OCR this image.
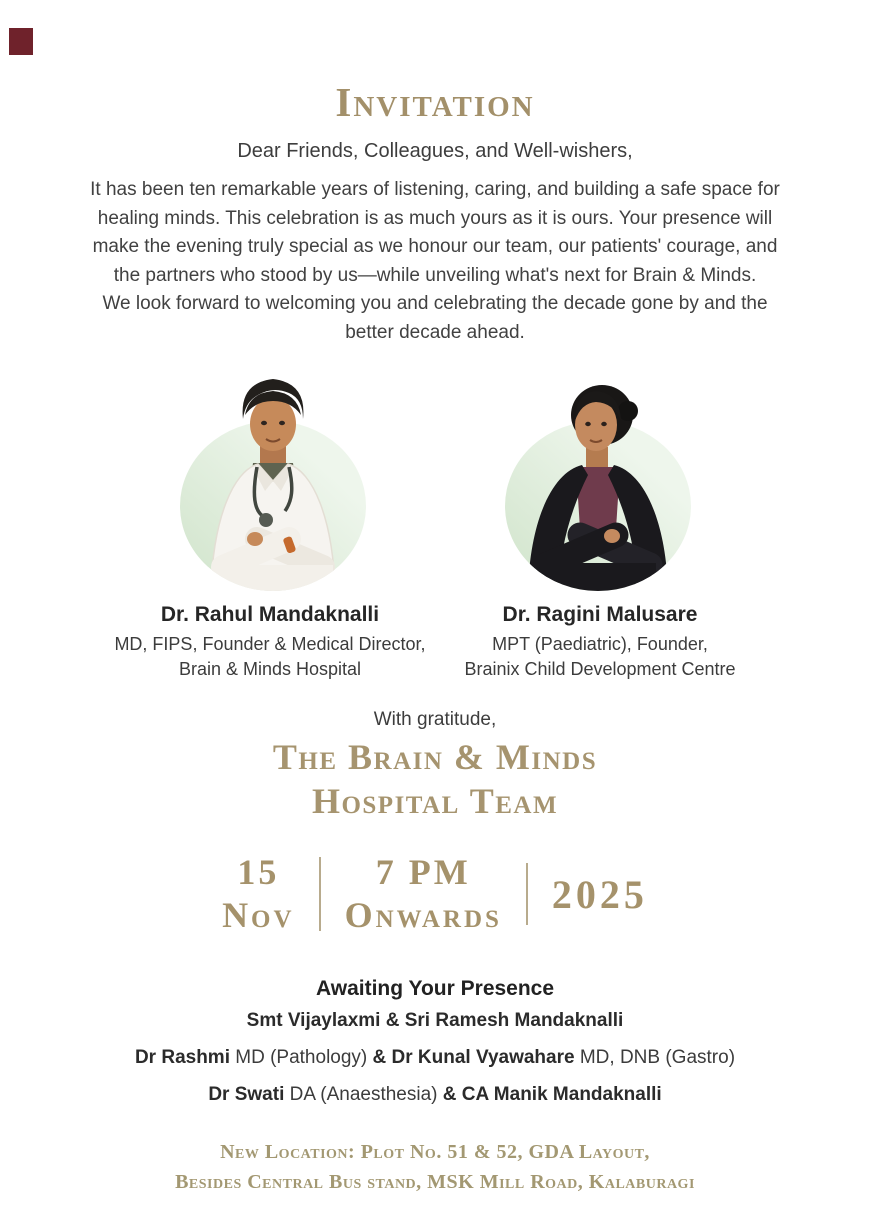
Invitation

Dear Friends, Colleagues, and Well-wishers,

It has been ten remarkable years of listening, caring, and building a safe space for
healing minds. This celebration is as much yours as it is ours. Your presence will
make the evening truly special as we honour our team, our patients' courage, and
the partners who stood by us—while unveiling what's next for Brain & Minds.
We look forward to welcoming you and celebrating the decade gone by and the
better decade ahead.
Dr. Rahul Mandaknalli
MD, FIPS, Founder & Medical Director,
Brain & Minds Hospital
Dr. Ragini Malusare
MPT (Paediatric), Founder,
Brainix Child Development Centre

With gratitude,

The Brain & Minds
Hospital Team
15
Nov
7 PM
Onwards 2025
Awaiting Your Presence
Smt Vijaylaxmi & Sri Ramesh Mandaknalli
Dr Rashmi MD (Pathology) & Dr Kunal Vyawahare MD, DNB (Gastro)
Dr Swati DA (Anaesthesia) & CA Manik Mandaknalli
New Location: Plot No. 51 & 52, GDA Layout,
Besides Central Bus stand, MSK Mill Road, Kalaburagi
